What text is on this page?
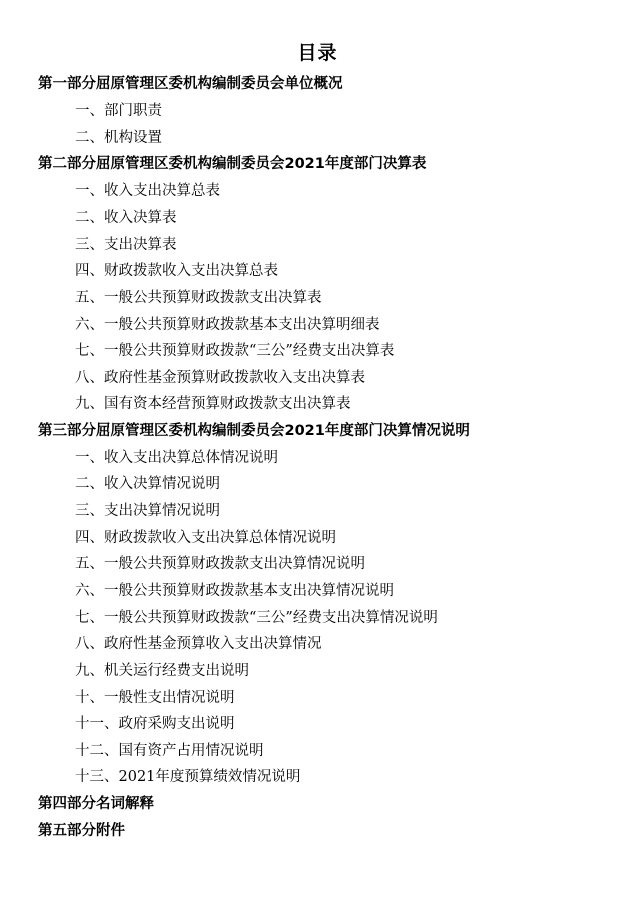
目录
第一部分屈原管理区委机构编制委员会单位概况
一、部门职责
二、机构设置
第二部分屈原管理区委机构编制委员会2021年度部门决算表
一、收入支出决算总表
二、收入决算表
三、支出决算表
四、财政拨款收入支出决算总表
五、一般公共预算财政拨款支出决算表
六、一般公共预算财政拨款基本支出决算明细表
七、一般公共预算财政拨款“三公”经费支出决算表
八、政府性基金预算财政拨款收入支出决算表
九、国有资本经营预算财政拨款支出决算表
第三部分屈原管理区委机构编制委员会2021年度部门决算情况说明
一、收入支出决算总体情况说明
二、收入决算情况说明
三、支出决算情况说明
四、财政拨款收入支出决算总体情况说明
五、一般公共预算财政拨款支出决算情况说明
六、一般公共预算财政拨款基本支出决算情况说明
七、一般公共预算财政拨款“三公”经费支出决算情况说明
八、政府性基金预算收入支出决算情况
九、机关运行经费支出说明
十、一般性支出情况说明
十一、政府采购支出说明
十二、国有资产占用情况说明
十三、2021年度预算绩效情况说明
第四部分名词解释
第五部分附件
